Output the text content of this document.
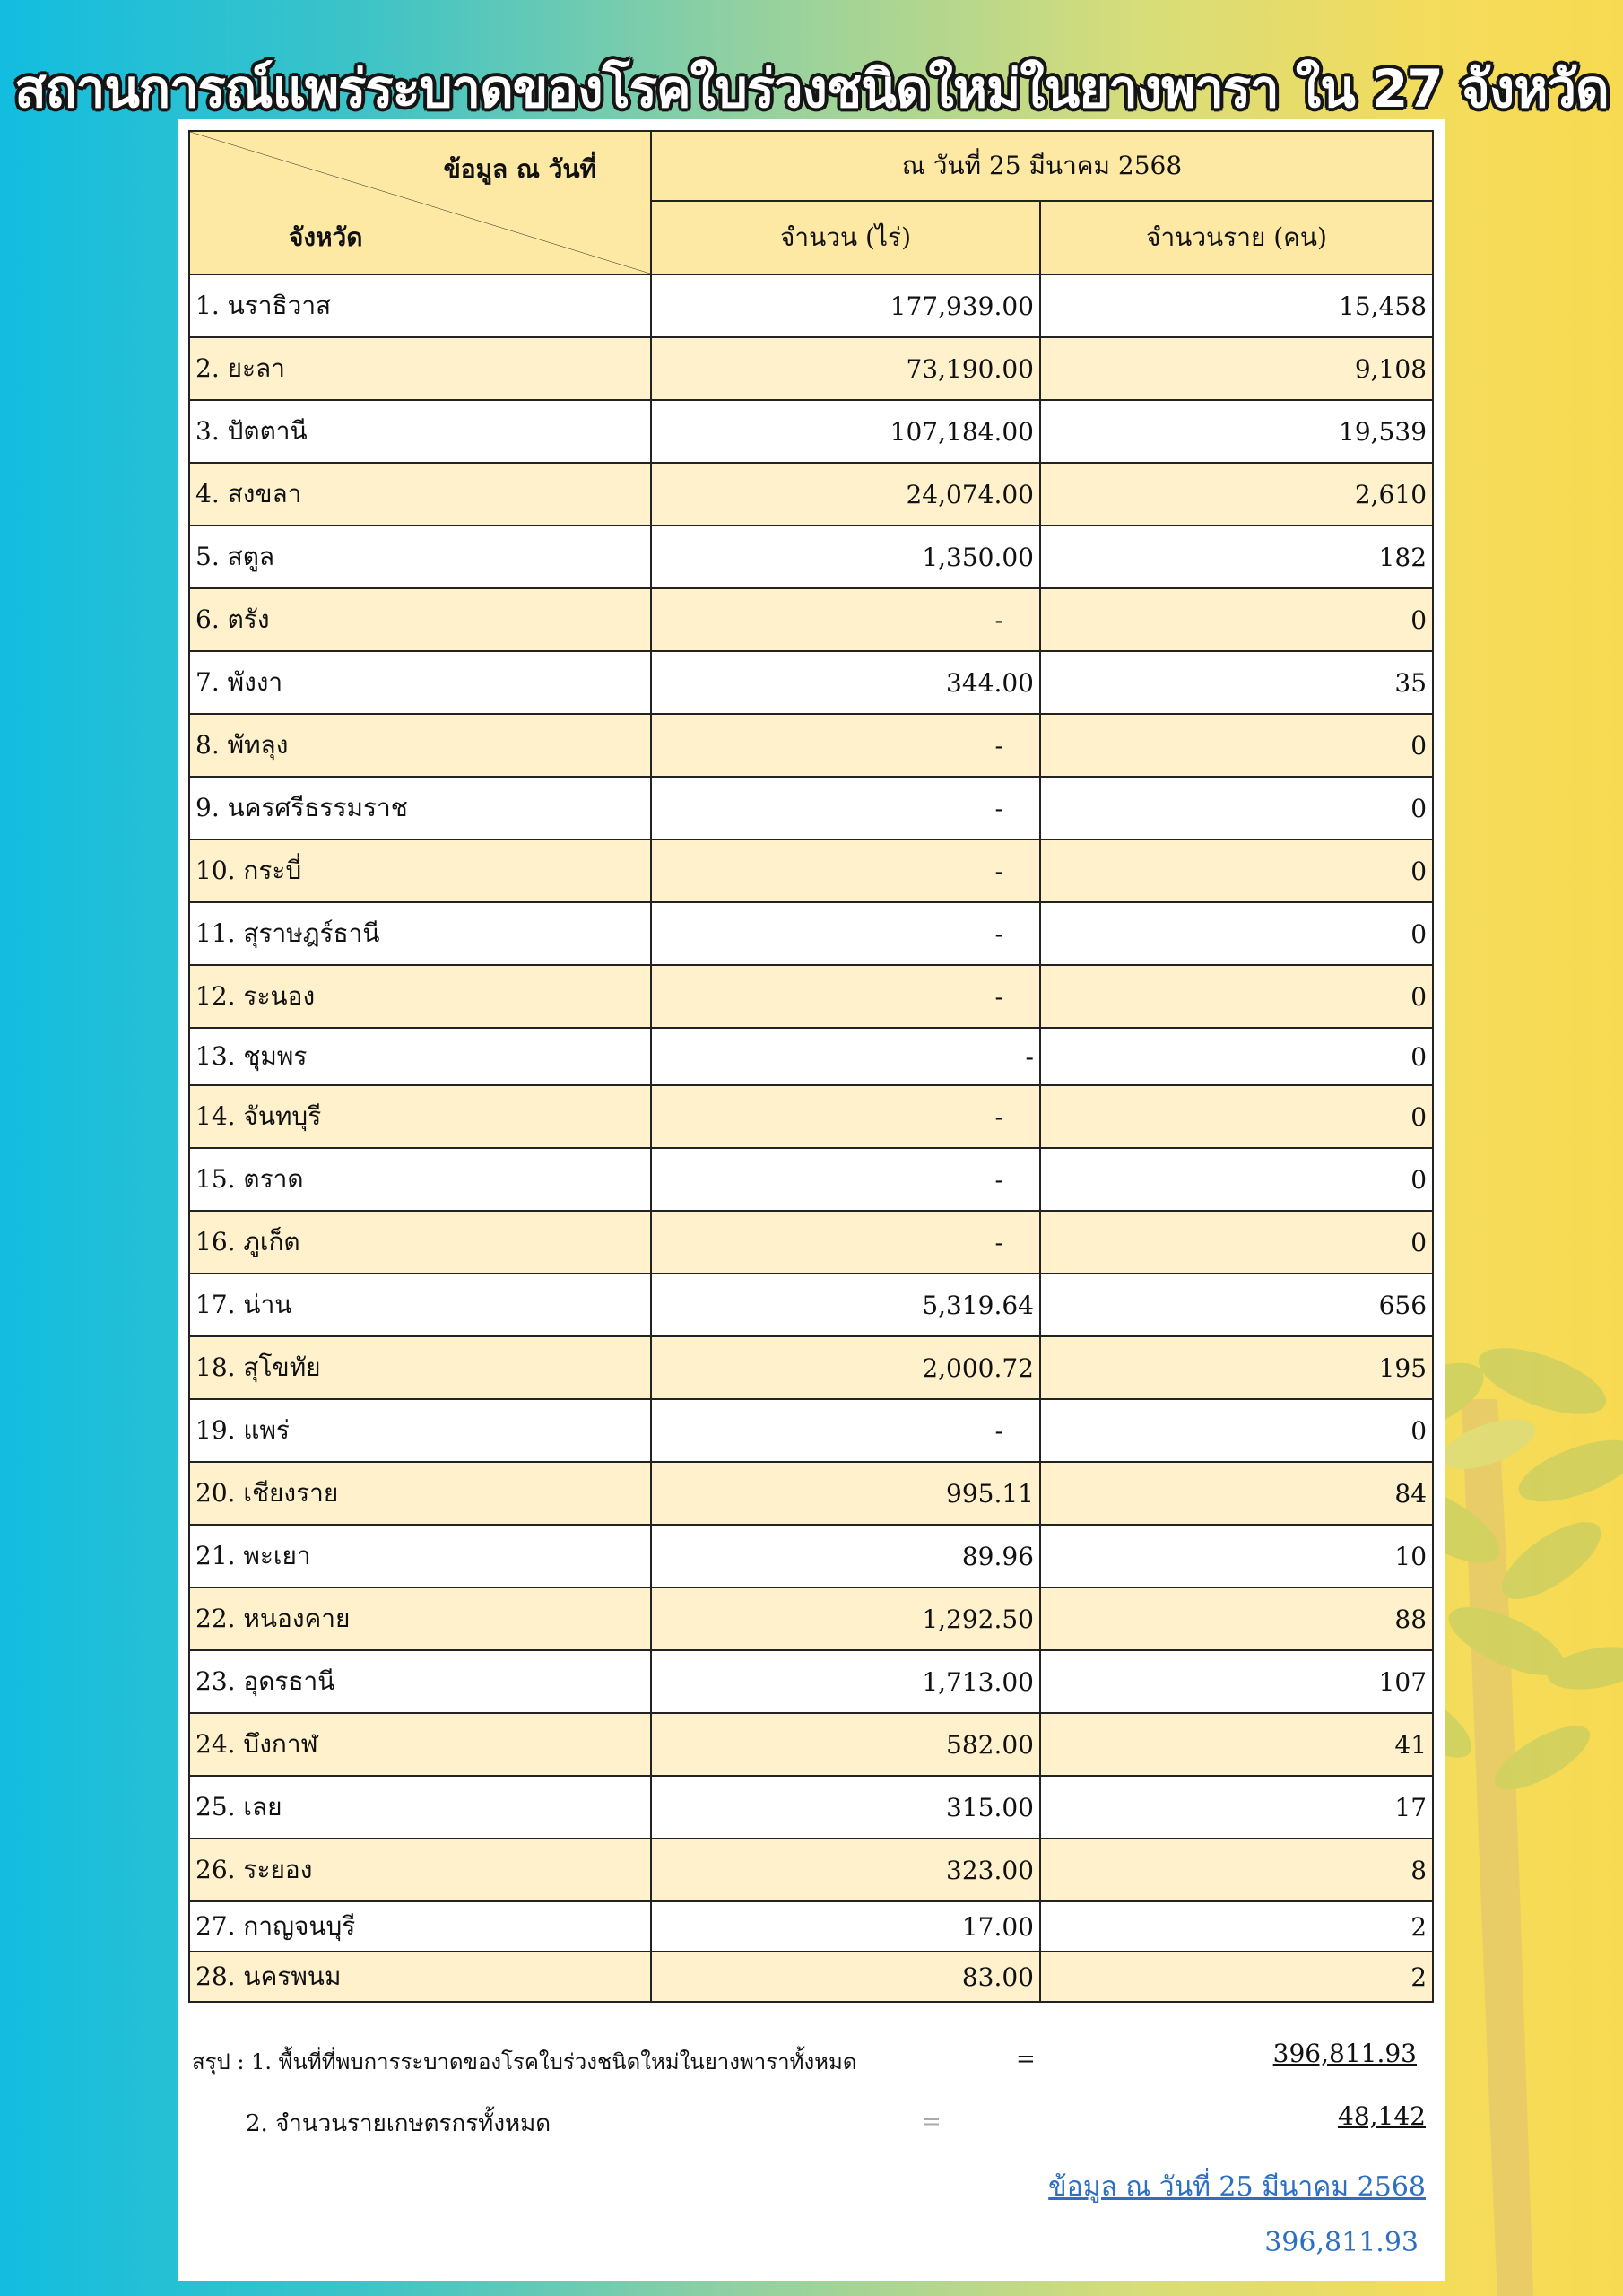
สถานการณ์แพร่ระบาดของโรคใบร่วงชนิดใหม่ในยางพารา ใน 27 จังหวัด
ข้อมูล ณ วันที่
จังหวัด	ณ วันที่ 25 มีนาคม 2568	
	จำนวน (ไร่)	จำนวนราย (คน)
1. นราธิวาส	177,939.00	15,458
2. ยะลา	73,190.00	9,108
3. ปัตตานี	107,184.00	19,539
4. สงขลา	24,074.00	2,610
5. สตูล	1,350.00	182
6. ตรัง	-	0
7. พังงา	344.00	35
8. พัทลุง	-	0
9. นครศรีธรรมราช	-	0
10. กระบี่	-	0
11. สุราษฎร์ธานี	-	0
12. ระนอง	-	0
13. ชุมพร	-	0
14. จันทบุรี	-	0
15. ตราด	-	0
16. ภูเก็ต	-	0
17. น่าน	5,319.64	656
18. สุโขทัย	2,000.72	195
19. แพร่	-	0
20. เชียงราย	995.11	84
21. พะเยา	89.96	10
22. หนองคาย	1,292.50	88
23. อุดรธานี	1,713.00	107
24. บึงกาฬ	582.00	41
25. เลย	315.00	17
26. ระยอง	323.00	8
27. กาญจนบุรี	17.00	2
28. นครพนม	83.00	2
สรุป : 1. พื้นที่ที่พบการระบาดของโรคใบร่วงชนิดใหม่ในยางพาราทั้งหมด	=	396,811.93
2. จำนวนรายเกษตรกรทั้งหมด	=	48,142
ข้อมูล ณ วันที่ 25 มีนาคม 2568
396,811.93
